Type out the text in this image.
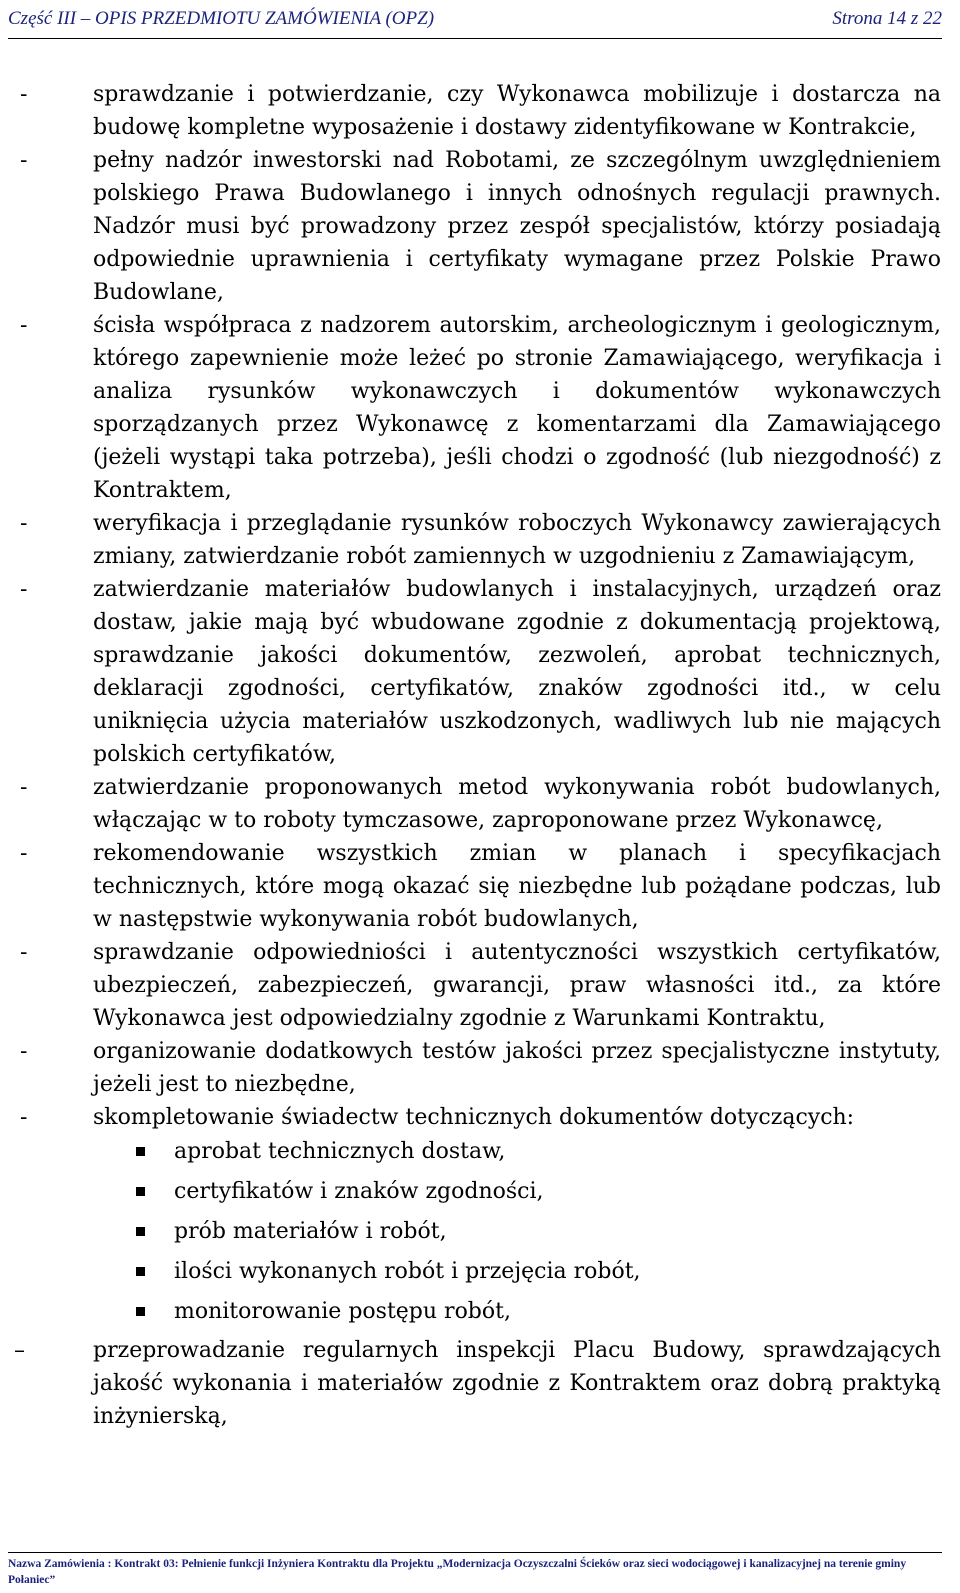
Część III – OPIS PRZEDMIOTU ZAMÓWIENIA (OPZ)	Strona 14 z 22
-	sprawdzanie i potwierdzanie, czy Wykonawca mobilizuje i dostarcza na budowę kompletne wyposażenie i dostawy zidentyfikowane w Kontrakcie,
-	pełny nadzór inwestorski nad Robotami, ze szczególnym uwzględnieniem polskiego Prawa Budowlanego i innych odnośnych regulacji prawnych. Nadzór musi być prowadzony przez zespół specjalistów, którzy posiadają odpowiednie uprawnienia i certyfikaty wymagane przez Polskie Prawo Budowlane,
-	ścisła współpraca z nadzorem autorskim, archeologicznym i geologicznym, którego zapewnienie może leżeć po stronie Zamawiającego, weryfikacja i analiza rysunków wykonawczych i dokumentów wykonawczych sporządzanych przez Wykonawcę z komentarzami dla Zamawiającego (jeżeli wystąpi taka potrzeba), jeśli chodzi o zgodność (lub niezgodność) z Kontraktem,
-	weryfikacja i przeglądanie rysunków roboczych Wykonawcy zawierających zmiany, zatwierdzanie robót zamiennych w uzgodnieniu z Zamawiającym,
-	zatwierdzanie materiałów budowlanych i instalacyjnych, urządzeń oraz dostaw, jakie mają być wbudowane zgodnie z dokumentacją projektową, sprawdzanie jakości dokumentów, zezwoleń, aprobat technicznych, deklaracji zgodności, certyfikatów, znaków zgodności itd., w celu uniknięcia użycia materiałów uszkodzonych, wadliwych lub nie mających polskich certyfikatów,
-	zatwierdzanie proponowanych metod wykonywania robót budowlanych, włączając w to roboty tymczasowe, zaproponowane przez Wykonawcę,
-	rekomendowanie wszystkich zmian w planach i specyfikacjach technicznych, które mogą okazać się niezbędne lub pożądane podczas, lub w następstwie wykonywania robót budowlanych,
-	sprawdzanie odpowiedniości i autentyczności wszystkich certyfikatów, ubezpieczeń, zabezpieczeń, gwarancji, praw własności itd., za które Wykonawca jest odpowiedzialny zgodnie z Warunkami Kontraktu,
-	organizowanie dodatkowych testów jakości przez specjalistyczne instytuty, jeżeli jest to niezbędne,
-	skompletowanie świadectw technicznych dokumentów dotyczących:
aprobat technicznych dostaw,
certyfikatów i znaków zgodności,
prób materiałów i robót,
ilości wykonanych robót i przejęcia robót,
monitorowanie postępu robót,
–	przeprowadzanie regularnych inspekcji Placu Budowy, sprawdzających jakość wykonania i materiałów zgodnie z Kontraktem oraz dobrą praktyką inżynierską,
Nazwa Zamówienia : Kontrakt 03: Pełnienie funkcji Inżyniera Kontraktu dla Projektu „Modernizacja Oczyszczalni Ścieków oraz sieci wodociągowej i kanalizacyjnej na terenie gminy Połaniec”
